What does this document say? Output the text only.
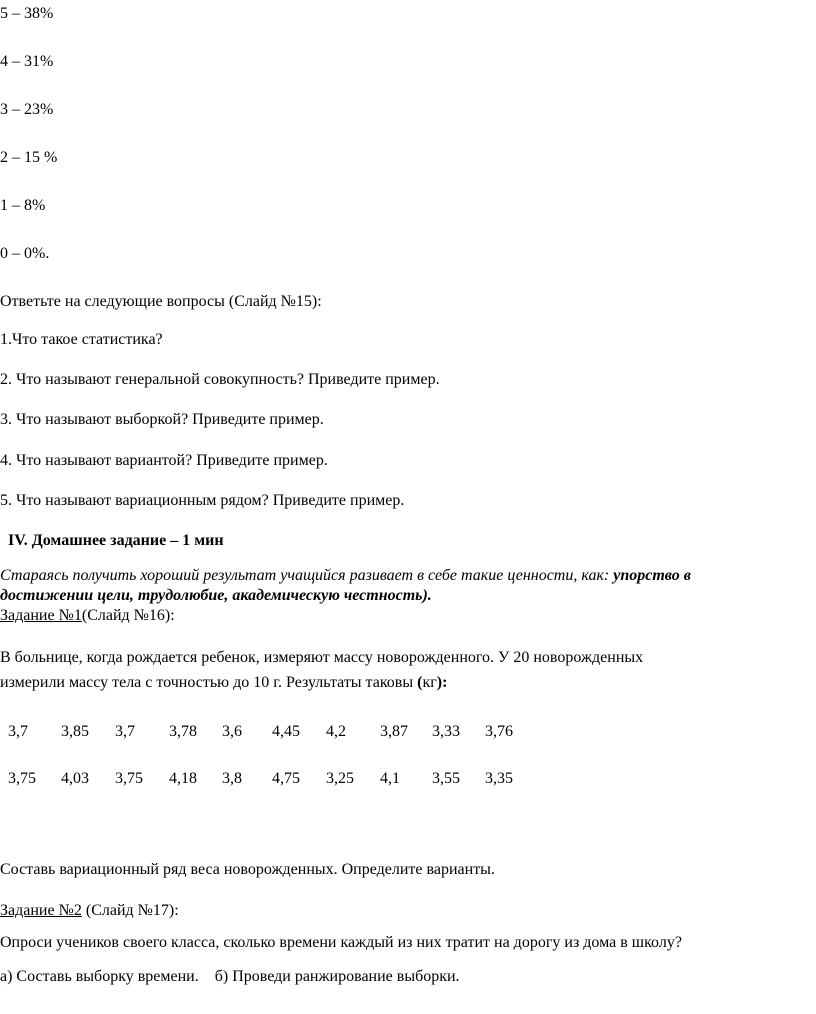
5 – 38%
4 – 31%
3 – 23%
2 – 15 %
1 – 8%
0 – 0%.
Ответьте на следующие вопросы (Слайд №15):
1.Что такое статистика?
2. Что называют генеральной совокупность? Приведите пример.
3. Что называют выборкой? Приведите пример.
4. Что называют вариантой? Приведите пример.
5. Что называют вариационным рядом? Приведите пример.
IV. Домашнее задание – 1 мин
Стараясь получить хороший результат учащийся разивает в себе такие ценности, как: упорство в
достижении цели, трудолюбие, академическую честность).
Задание №1(Слайд №16):
В больнице, когда рождается ребенок, измеряют массу новорожденного. У 20 новорожденных
измерили массу тела с точностью до 10 г. Результаты таковы (кг):
3,7 3,85 3,7 3,78 3,6 4,45 4,2 3,87 3,33 3,76
3,75 4,03 3,75 4,18 3,8 4,75 3,25 4,1 3,55 3,35
Составь вариационный ряд веса новорожденных. Определите варианты.
Задание №2 (Слайд №17):
Опроси учеников своего класса, сколько времени каждый из них тратит на дорогу из дома в школу?
а) Составь выборку времени.    б) Проведи ранжирование выборки.
